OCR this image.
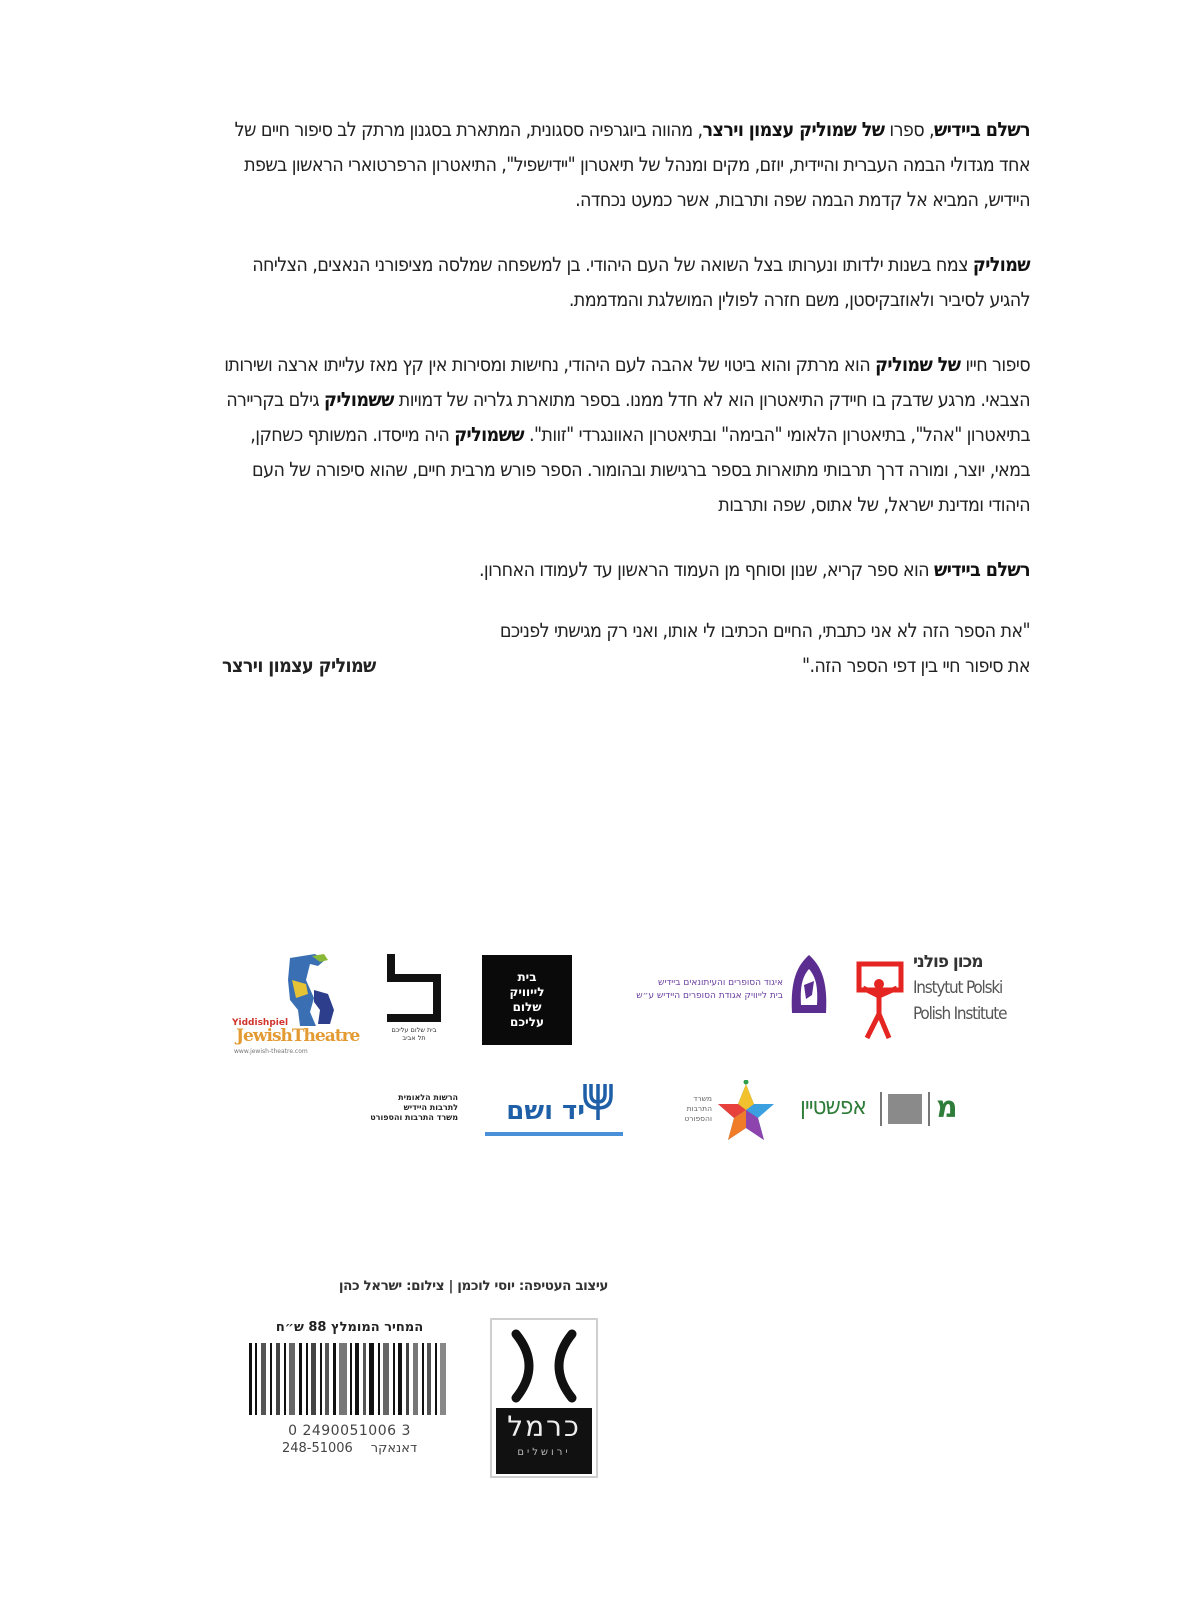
רשלם ביידיש, ספרו של שמוליק עצמון וירצר, מהווה ביוגרפיה ססגונית, המתארת בסגנון מרתק לב סיפור חיים של אחד מגדולי הבמה העברית והיידית, יוזם, מקים ומנהל של תיאטרון "יידישפיל", התיאטרון הרפרטוארי הראשון בשפת היידיש, המביא אל קדמת הבמה שפה ותרבות, אשר כמעט נכחדה.

שמוליק צמח בשנות ילדותו ונערותו בצל השואה של העם היהודי. בן למשפחה שמלסה מציפורני הנאצים, הצליחה להגיע לסיביר ולאוזבקיסטן, משם חזרה לפולין המושלגת והמדממת.

סיפור חייו של שמוליק הוא מרתק והוא ביטוי של אהבה לעם היהודי, נחישות ומסירות אין קץ מאז עלייתו ארצה ושירותו הצבאי. מרגע שדבק בו חיידק התיאטרון הוא לא חדל ממנו. בספר מתוארת גלריה של דמויות ששמוליק גילם בקריירה בתיאטרון "אהל", בתיאטרון הלאומי "הבימה" ובתיאטרון האוונגרדי "זוות". ששמוליק היה מייסדו. המשותף כשחקן, במאי, יוצר, ומורה דרך תרבותי מתוארות בספר ברגישות ובהומור. הספר פורש מרבית חיים, שהוא סיפורה של העם היהודי ומדינת ישראל, של אתוס, שפה ותרבות

רשלם ביידיש הוא ספר קריא, שנון וסוחף מן העמוד הראשון עד לעמודו האחרון.

"את הספר הזה לא אני כתבתי, החיים הכתיבו לי אותו, ואני רק מגישתי לפניכם
את סיפור חיי בין דפי הספר הזה."
שמוליק עצמון וירצר
Yiddishpiel
JewishTheatre
www.jewish-theatre.com
בית שלום עליכם
תל אביב
בית
לייוויק
שלום
עליכם
איגוד הסופרים והעיתונאים ביידיש
בית לייוויק אגודת הסופרים היידיש ע״ש
מכון פולני
Instytut Polski
Polish Institute
הרשות הלאומית
לתרבות היידיש
משרד התרבות והספורט	יד ושם	משרד
התרבות
והספורט	אפשטיין מ
עיצוב העטיפה: יוסי לוכמן | צילום: ישראל כהן
המחיר המומלץ 88 ש״ח
0 2490051006 3
248-51006 דאנאקר
כרמל
ירושלים
